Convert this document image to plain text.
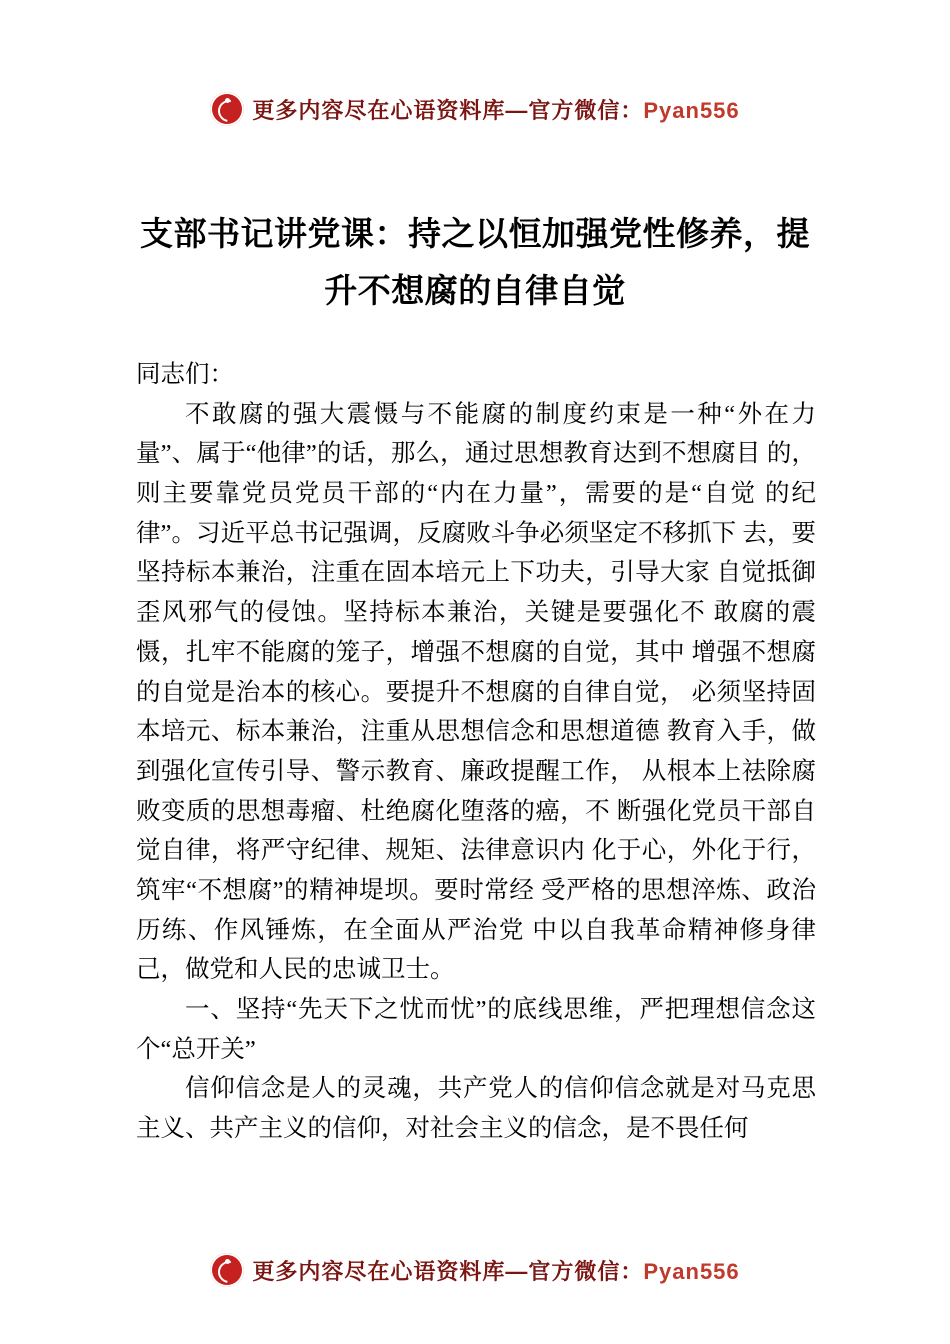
更多内容尽在心语资料库—官方微信：Pyan556
支部书记讲党课：持之以恒加强党性修养，提升不想腐的自律自觉

同志们：

不敢腐的强大震慑与不能腐的制度约束是一种“外在力量”、属于“他律”的话，那么，通过思想教育达到不想腐目 的，则主要靠党员党员干部的“内在力量”，需要的是“自觉 的纪律”。习近平总书记强调，反腐败斗争必须坚定不移抓下 去，要坚持标本兼治，注重在固本培元上下功夫，引导大家 自觉抵御歪风邪气的侵蚀。坚持标本兼治，关键是要强化不 敢腐的震慑，扎牢不能腐的笼子，增强不想腐的自觉，其中 增强不想腐的自觉是治本的核心。要提升不想腐的自律自觉， 必须坚持固本培元、标本兼治，注重从思想信念和思想道德 教育入手，做到强化宣传引导、警示教育、廉政提醒工作， 从根本上祛除腐败变质的思想毒瘤、杜绝腐化堕落的癌，不 断强化党员干部自觉自律，将严守纪律、规矩、法律意识内 化于心，外化于行，筑牢“不想腐”的精神堤坝。要时常经 受严格的思想淬炼、政治历练、作风锤炼，在全面从严治党 中以自我革命精神修身律己，做党和人民的忠诚卫士。

一、坚持“先天下之忧而忧”的底线思维，严把理想信念这个“总开关”

信仰信念是人的灵魂，共产党人的信仰信念就是对马克思主义、共产主义的信仰，对社会主义的信念，是不畏任何

更多内容尽在心语资料库—官方微信：Pyan556
